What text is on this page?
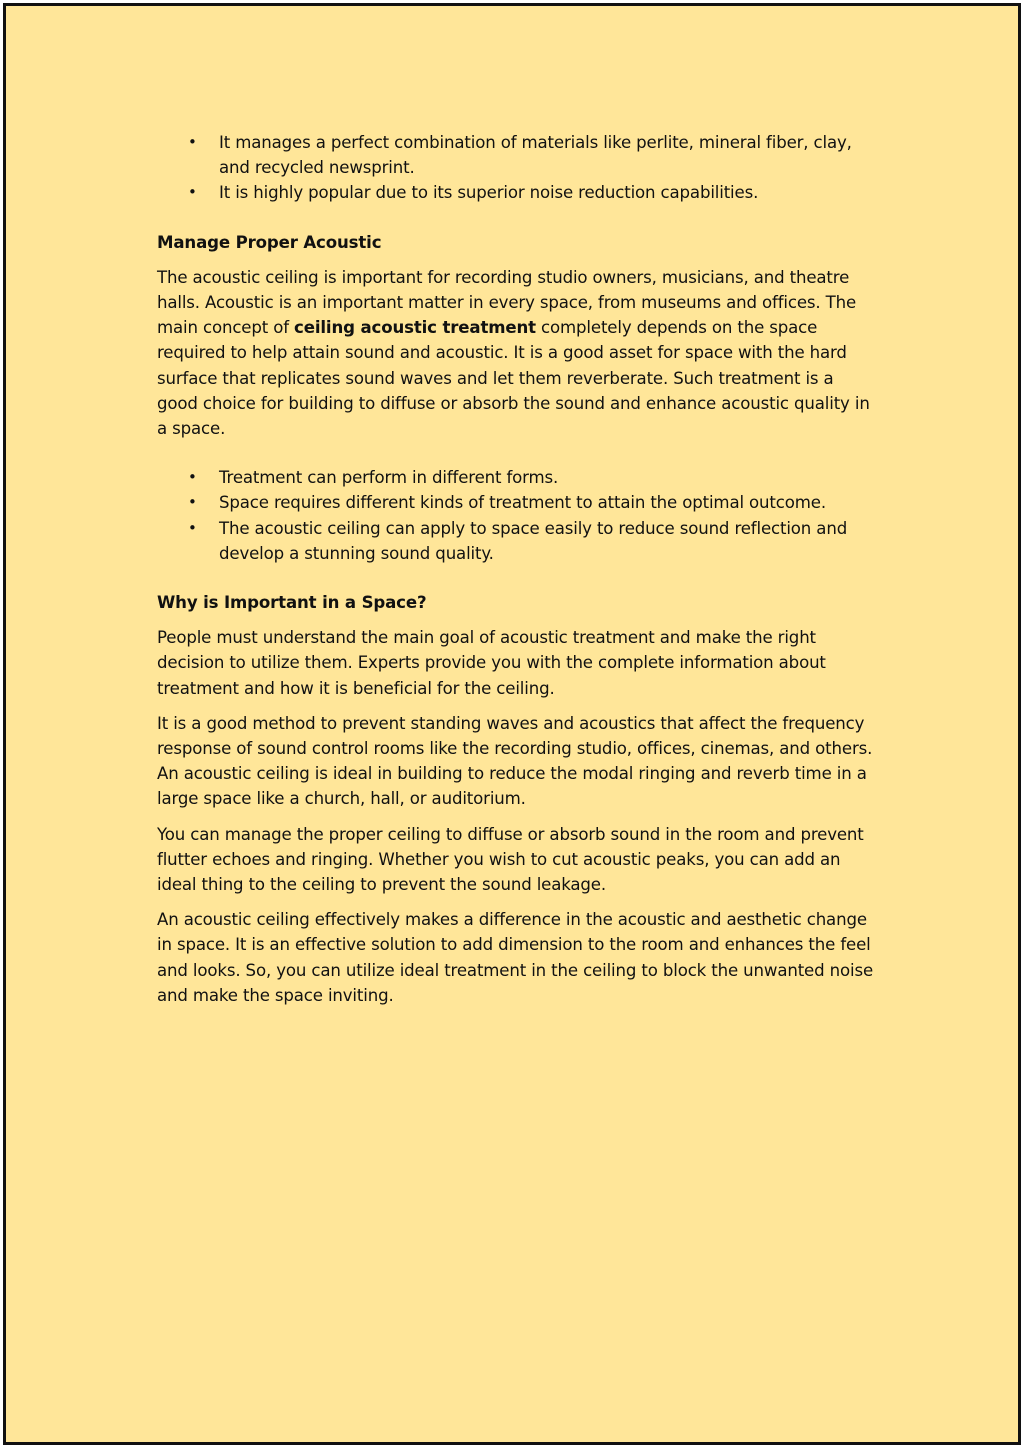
• It manages a perfect combination of materials like perlite, mineral fiber, clay, and recycled newsprint.
• It is highly popular due to its superior noise reduction capabilities.
Manage Proper Acoustic

The acoustic ceiling is important for recording studio owners, musicians, and theatre halls. Acoustic is an important matter in every space, from museums and offices. The main concept of ceiling acoustic treatment completely depends on the space required to help attain sound and acoustic. It is a good asset for space with the hard surface that replicates sound waves and let them reverberate. Such treatment is a good choice for building to diffuse or absorb the sound and enhance acoustic quality in a space.

• Treatment can perform in different forms.
• Space requires different kinds of treatment to attain the optimal outcome.
• The acoustic ceiling can apply to space easily to reduce sound reflection and develop a stunning sound quality.
Why is Important in a Space?

People must understand the main goal of acoustic treatment and make the right decision to utilize them. Experts provide you with the complete information about treatment and how it is beneficial for the ceiling.

It is a good method to prevent standing waves and acoustics that affect the frequency response of sound control rooms like the recording studio, offices, cinemas, and others. An acoustic ceiling is ideal in building to reduce the modal ringing and reverb time in a large space like a church, hall, or auditorium.

You can manage the proper ceiling to diffuse or absorb sound in the room and prevent flutter echoes and ringing. Whether you wish to cut acoustic peaks, you can add an ideal thing to the ceiling to prevent the sound leakage.

An acoustic ceiling effectively makes a difference in the acoustic and aesthetic change in space. It is an effective solution to add dimension to the room and enhances the feel and looks. So, you can utilize ideal treatment in the ceiling to block the unwanted noise and make the space inviting.
